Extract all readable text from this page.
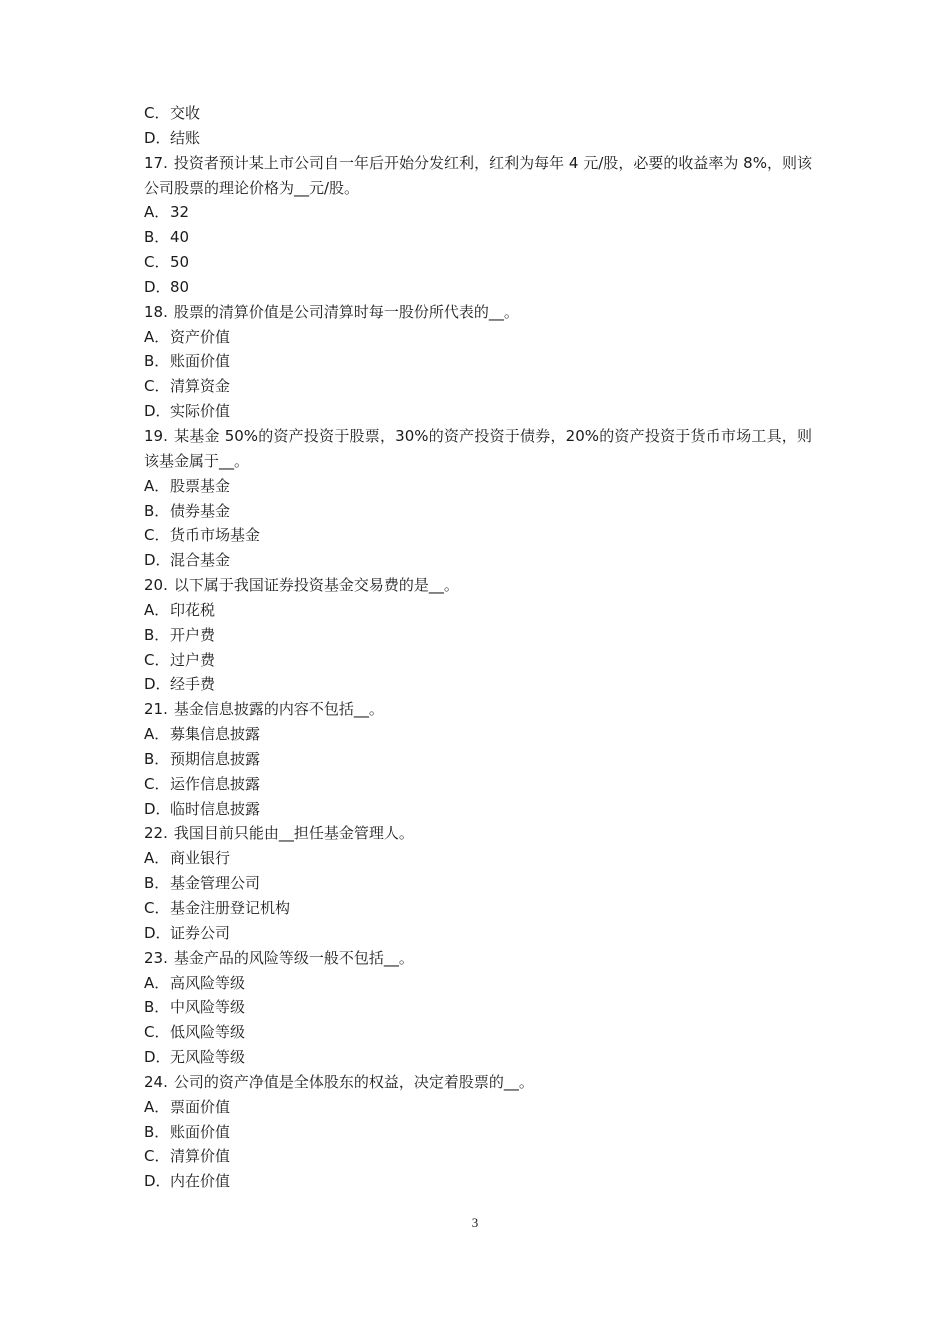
C．交收
D．结账
17. 投资者预计某上市公司自一年后开始分发红利，红利为每年 4 元/股，必要的收益率为 8%，则该公司股票的理论价格为__元/股。
A．32
B．40
C．50
D．80
18. 股票的清算价值是公司清算时每一股份所代表的__。
A．资产价值
B．账面价值
C．清算资金
D．实际价值
19. 某基金 50%的资产投资于股票，30%的资产投资于债券，20%的资产投资于货币市场工具，则该基金属于__。
A．股票基金
B．债券基金
C．货币市场基金
D．混合基金
20. 以下属于我国证券投资基金交易费的是__。
A．印花税
B．开户费
C．过户费
D．经手费
21. 基金信息披露的内容不包括__。
A．募集信息披露
B．预期信息披露
C．运作信息披露
D．临时信息披露
22. 我国目前只能由__担任基金管理人。
A．商业银行
B．基金管理公司
C．基金注册登记机构
D．证券公司
23. 基金产品的风险等级一般不包括__。
A．高风险等级
B．中风险等级
C．低风险等级
D．无风险等级
24. 公司的资产净值是全体股东的权益，决定着股票的__。
A．票面价值
B．账面价值
C．清算价值
D．内在价值
3
